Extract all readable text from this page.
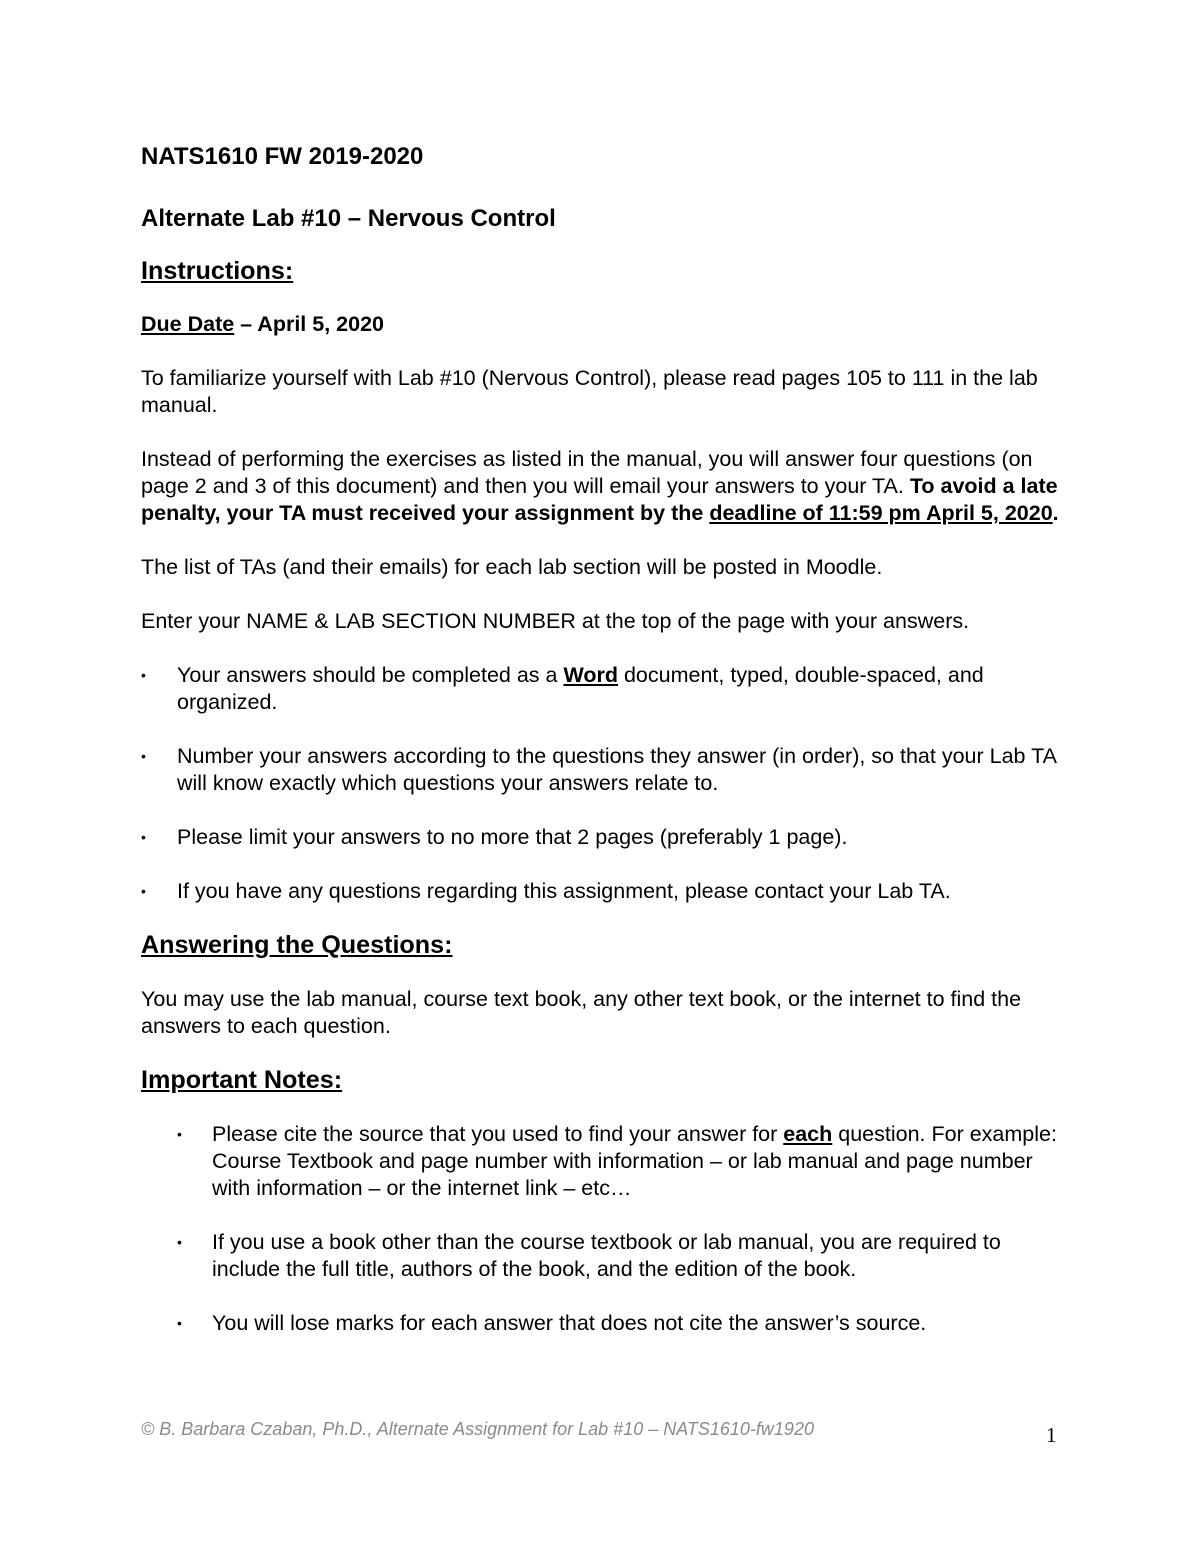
NATS1610 FW 2019-2020
Alternate Lab #10 – Nervous Control
Instructions:

Due Date – April 5, 2020

To familiarize yourself with Lab #10 (Nervous Control), please read pages 105 to 111 in the lab manual.

Instead of performing the exercises as listed in the manual, you will answer four questions (on page 2 and 3 of this document) and then you will email your answers to your TA. To avoid a late penalty, your TA must received your assignment by the deadline of 11:59 pm April 5, 2020.

The list of TAs (and their emails) for each lab section will be posted in Moodle.

Enter your NAME & LAB SECTION NUMBER at the top of the page with your answers.

• Your answers should be completed as a Word document, typed, double-spaced, and organized.
• Number your answers according to the questions they answer (in order), so that your Lab TA will know exactly which questions your answers relate to.
• Please limit your answers to no more that 2 pages (preferably 1 page).
• If you have any questions regarding this assignment, please contact your Lab TA.
Answering the Questions:

You may use the lab manual, course text book, any other text book, or the internet to find the answers to each question.

Important Notes:
• Please cite the source that you used to find your answer for each question. For example: Course Textbook and page number with information – or lab manual and page number with information – or the internet link – etc…
• If you use a book other than the course textbook or lab manual, you are required to include the full title, authors of the book, and the edition of the book.
• You will lose marks for each answer that does not cite the answer’s source.
© B. Barbara Czaban, Ph.D., Alternate Assignment for Lab #10 – NATS1610-fw1920	1
